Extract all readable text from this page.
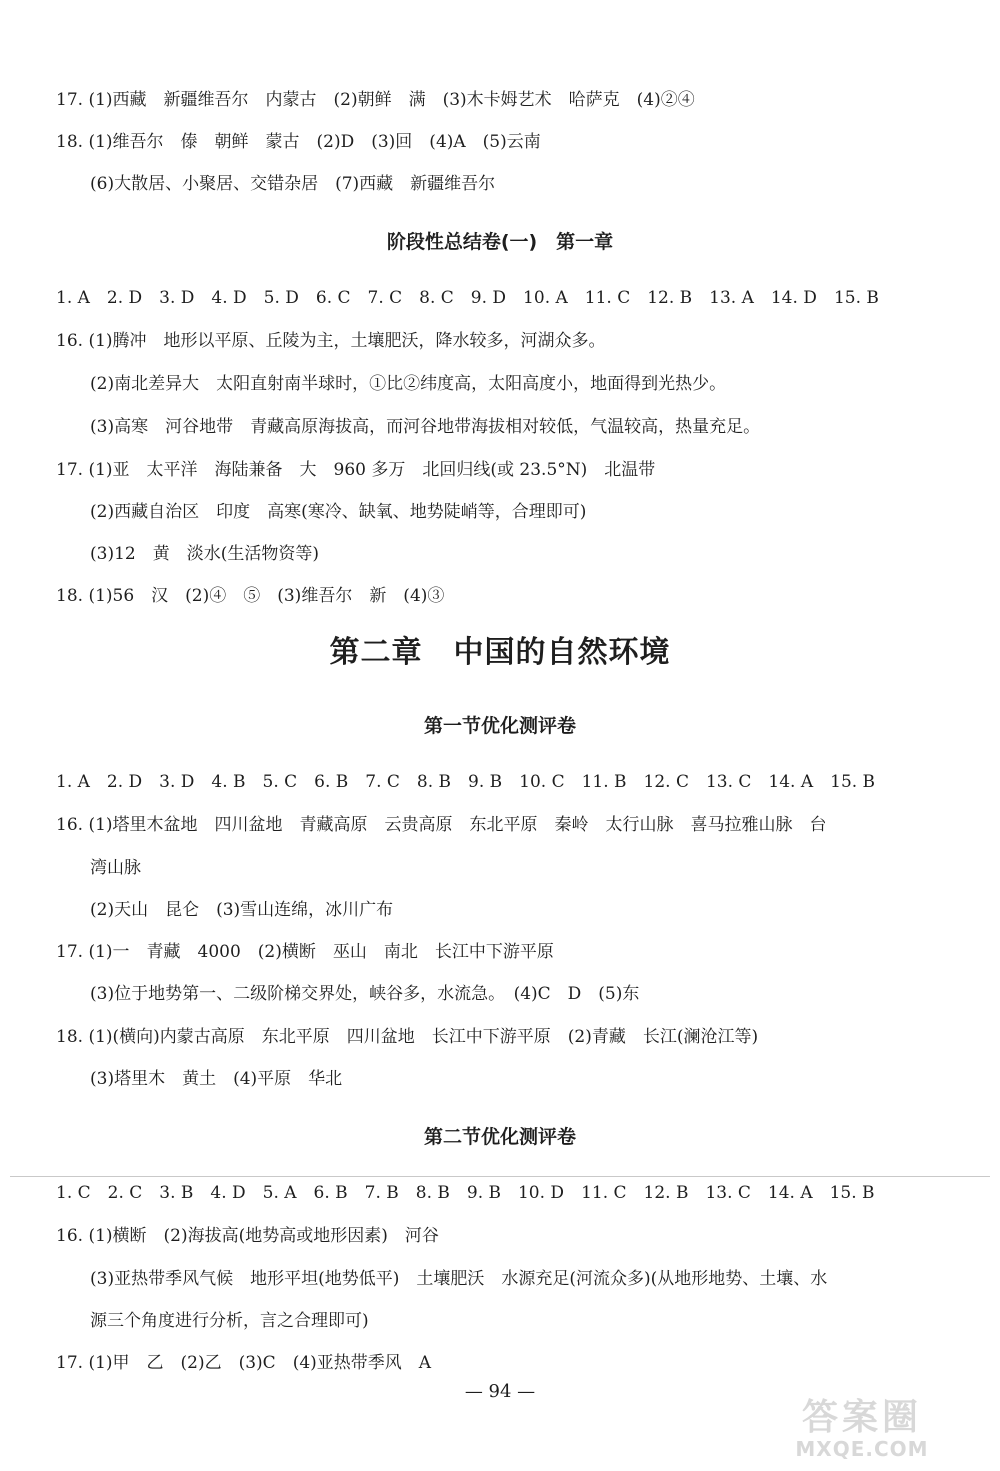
17. (1)西藏　新疆维吾尔　内蒙古　(2)朝鲜　满　(3)木卡姆艺术　哈萨克　(4)②④
18. (1)维吾尔　傣　朝鲜　蒙古　(2)D　(3)回　(4)A　(5)云南
(6)大散居、小聚居、交错杂居　(7)西藏　新疆维吾尔
阶段性总结卷(一)　第一章
1. A　2. D　3. D　4. D　5. D　6. C　7. C　8. C　9. D　10. A　11. C　12. B　13. A　14. D　15. B
16. (1)腾冲　地形以平原、丘陵为主，土壤肥沃，降水较多，河湖众多。
(2)南北差异大　太阳直射南半球时，①比②纬度高，太阳高度小，地面得到光热少。
(3)高寒　河谷地带　青藏高原海拔高，而河谷地带海拔相对较低，气温较高，热量充足。
17. (1)亚　太平洋　海陆兼备　大　960 多万　北回归线(或 23.5°N)　北温带
(2)西藏自治区　印度　高寒(寒冷、缺氧、地势陡峭等，合理即可)
(3)12　黄　淡水(生活物资等)
18. (1)56　汉　(2)④　⑤　(3)维吾尔　新　(4)③
第二章　中国的自然环境
第一节优化测评卷
1. A　2. D　3. D　4. B　5. C　6. B　7. C　8. B　9. B　10. C　11. B　12. C　13. C　14. A　15. B
16. (1)塔里木盆地　四川盆地　青藏高原　云贵高原　东北平原　秦岭　太行山脉　喜马拉雅山脉　台
湾山脉
(2)天山　昆仑　(3)雪山连绵，冰川广布
17. (1)一　青藏　4000　(2)横断　巫山　南北　长江中下游平原
(3)位于地势第一、二级阶梯交界处，峡谷多，水流急。　(4)C　D　(5)东
18. (1)(横向)内蒙古高原　东北平原　四川盆地　长江中下游平原　(2)青藏　长江(澜沧江等)
(3)塔里木　黄土　(4)平原　华北
第二节优化测评卷
1. C　2. C　3. B　4. D　5. A　6. B　7. B　8. B　9. B　10. D　11. C　12. B　13. C　14. A　15. B
16. (1)横断　(2)海拔高(地势高或地形因素)　河谷
(3)亚热带季风气候　地形平坦(地势低平)　土壤肥沃　水源充足(河流众多)(从地形地势、土壤、水
源三个角度进行分析，言之合理即可)
17. (1)甲　乙　(2)乙　(3)C　(4)亚热带季风　A
— 94 —
答案圈
MXQE.COM
